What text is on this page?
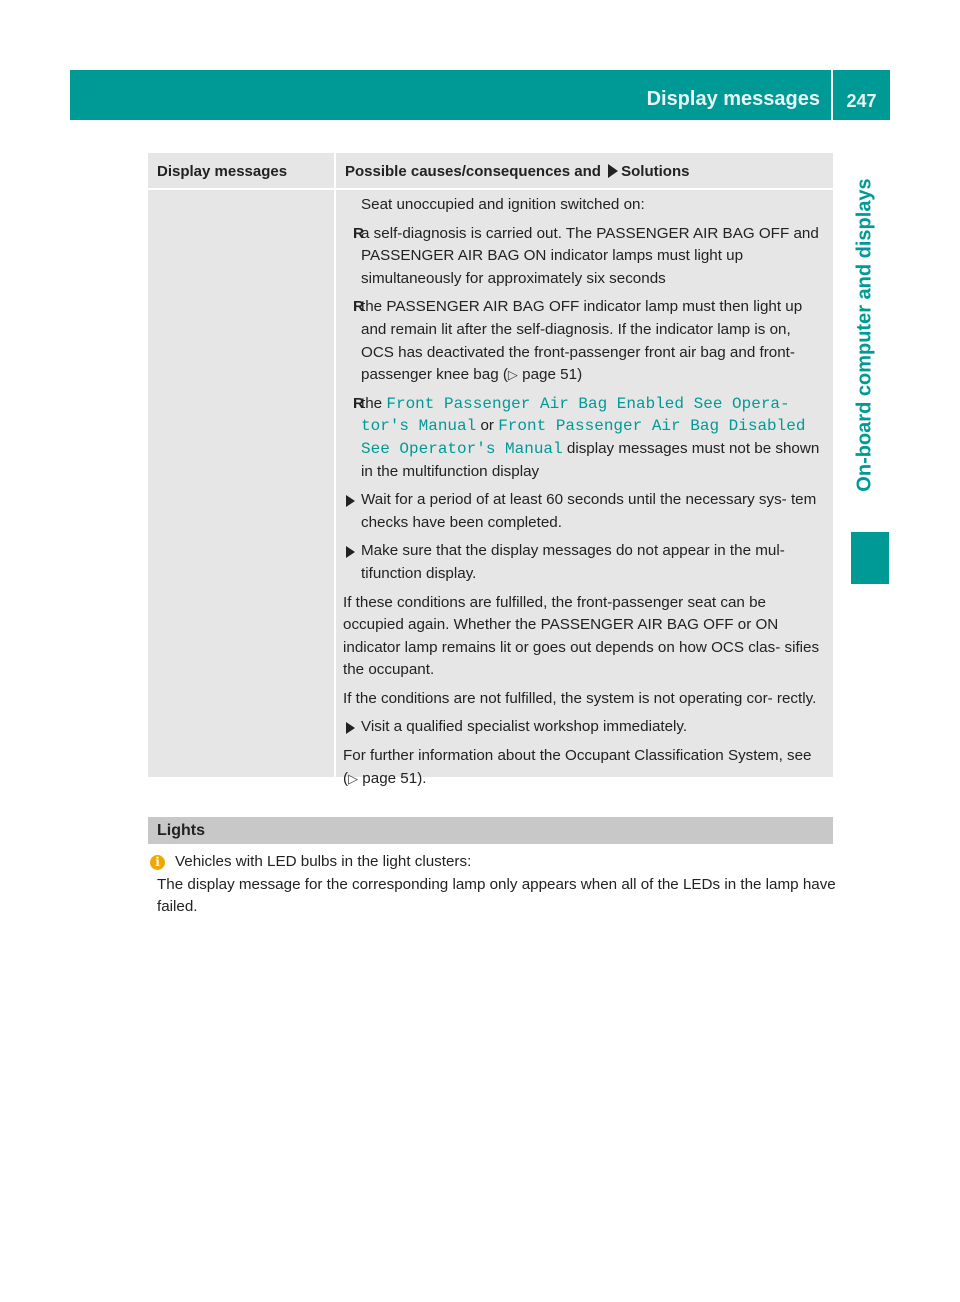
Display messages	247
On-board computer and displays
Display messages	Possible causes/consequences and Solutions

Seat unoccupied and ignition switched on:

R
a self-diagnosis is carried out. The PASSENGER AIR BAG OFF and PASSENGER AIR BAG ON indicator lamps must light up simultaneously for approximately six seconds
R
the PASSENGER AIR BAG OFF indicator lamp must then light up and remain lit after the self-diagnosis. If the indicator lamp is on, OCS has deactivated the front-passenger front air bag and front-passenger knee bag (▷ page 51)
R
the Front Passenger Air Bag Enabled See Opera‐ tor's Manual or Front Passenger Air Bag Disabled See Operator's Manual display messages must not be shown in the multifunction display
Wait for a period of at least 60 seconds until the necessary sys‐ tem checks have been completed.
Make sure that the display messages do not appear in the mul‐ tifunction display.

If these conditions are fulfilled, the front-passenger seat can be occupied again. Whether the PASSENGER AIR BAG OFF or ON indicator lamp remains lit or goes out depends on how OCS clas‐ sifies the occupant.

If the conditions are not fulfilled, the system is not operating cor‐ rectly.

Visit a qualified specialist workshop immediately.

For further information about the Occupant Classification System, see (▷ page 51).

Lights
i	Vehicles with LED bulbs in the light clusters:
The display message for the corresponding lamp only appears when all of the LEDs in the lamp have failed.
